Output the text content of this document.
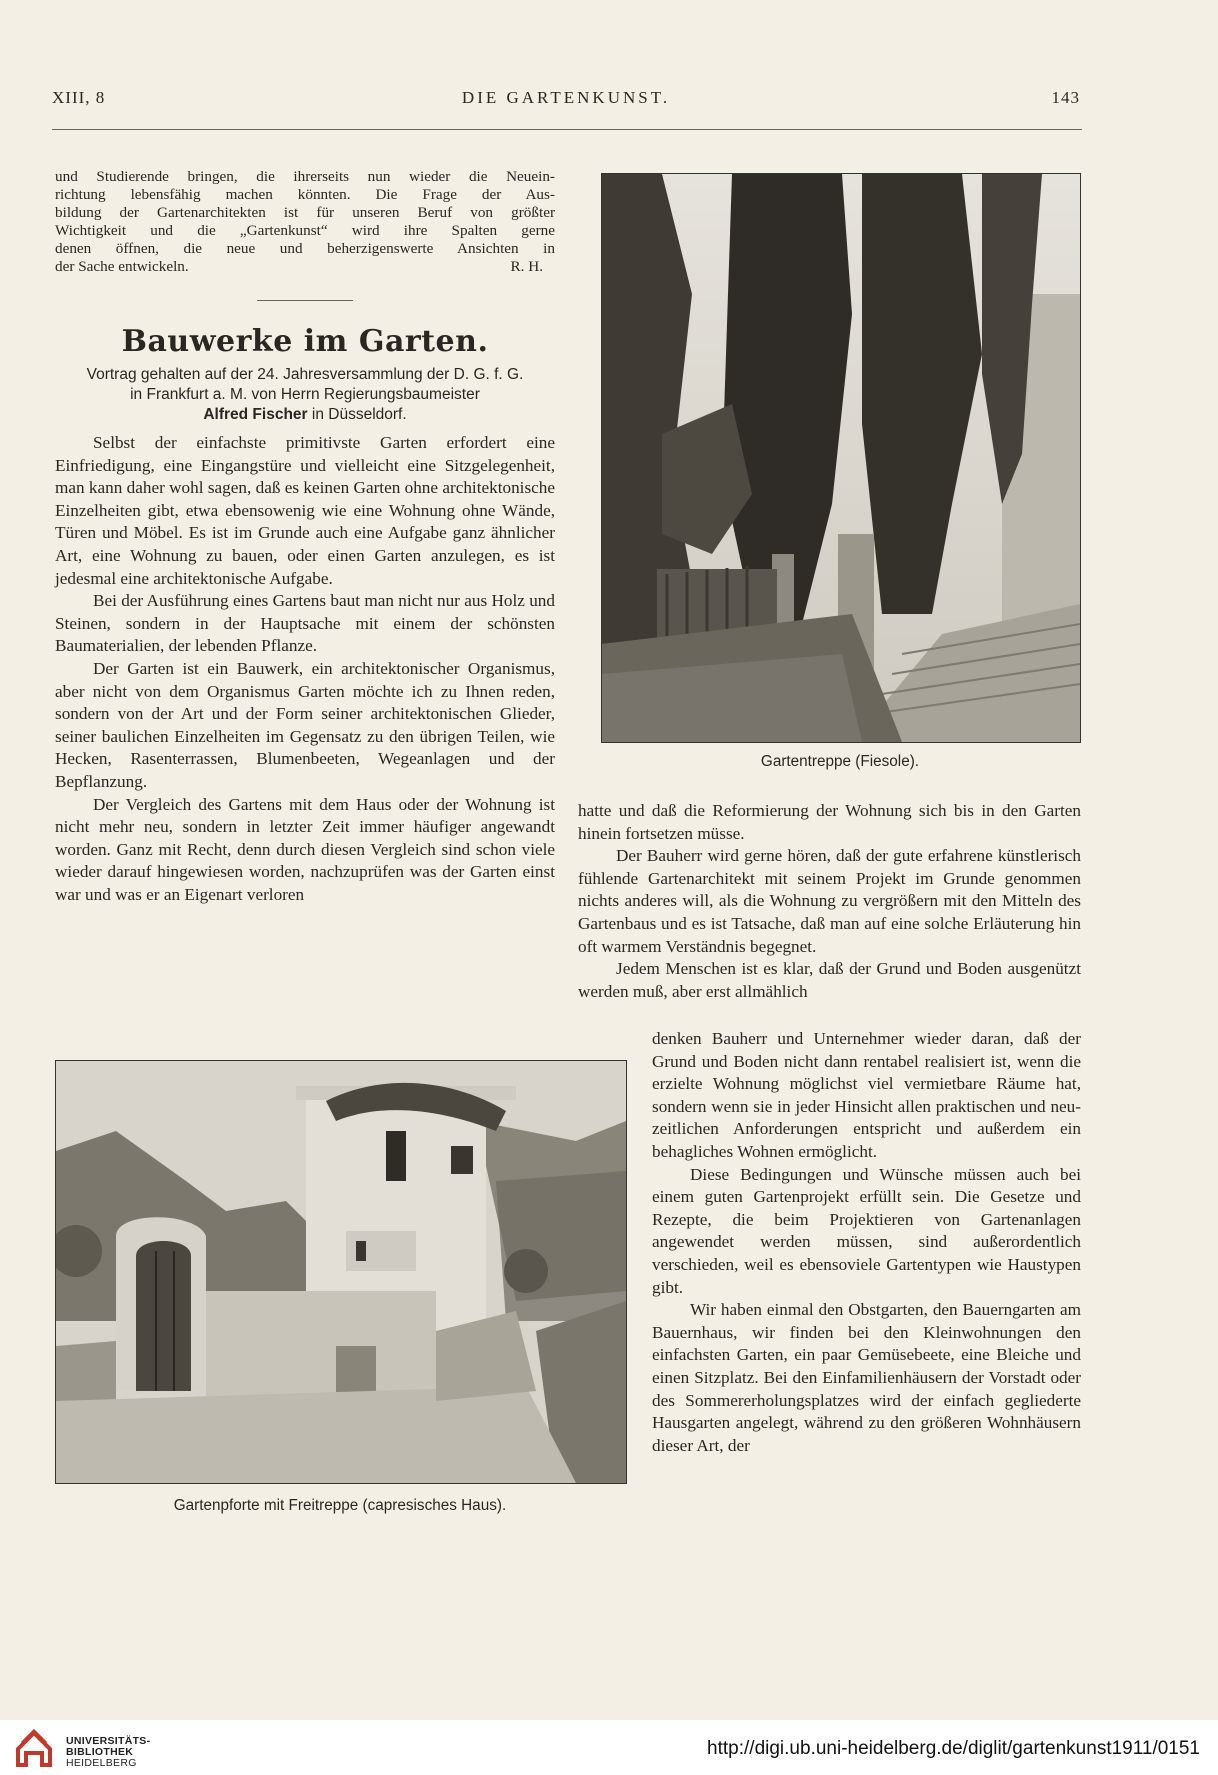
XIII, 8	DIE GARTENKUNST.	143
und Studierende bringen, die ihrerseits nun wieder die Neuein-
richtung lebensfähig machen könnten. Die Frage der Aus-
bildung der Gartenarchitekten ist für unseren Beruf von größter
Wichtigkeit und die „Gartenkunst“ wird ihre Spalten gerne
denen öffnen, die neue und beherzigenswerte Ansichten in
der Sache entwickeln.	R. H.
Bauwerke im Garten.
Vortrag gehalten auf der 24. Jahresversammlung der D. G. f. G.
in Frankfurt a. M. von Herrn Regierungsbaumeister
Alfred Fischer in Düsseldorf.

Selbst der einfachste primitivste Garten erfordert eine Einfriedigung, eine Eingangstüre und vielleicht eine Sitzgelegenheit, man kann daher wohl sagen, daß es keinen Garten ohne architektonische Einzelheiten gibt, etwa ebensowenig wie eine Wohnung ohne Wände, Türen und Möbel. Es ist im Grunde auch eine Aufgabe ganz ähnlicher Art, eine Wohnung zu bauen, oder einen Garten anzulegen, es ist jedesmal eine architektonische Aufgabe.

Bei der Ausführung eines Gartens baut man nicht nur aus Holz und Steinen, sondern in der Hauptsache mit einem der schönsten Baumaterialien, der lebenden Pflanze.

Der Garten ist ein Bauwerk, ein architektonischer Organismus, aber nicht von dem Organismus Garten möchte ich zu Ihnen reden, sondern von der Art und der Form seiner architektonischen Glieder, seiner baulichen Einzelheiten im Gegensatz zu den übrigen Teilen, wie Hecken, Rasenterrassen, Blumenbeeten, Wegeanlagen und der Bepflanzung.

Der Vergleich des Gartens mit dem Haus oder der Wohnung ist nicht mehr neu, sondern in letzter Zeit immer häufiger angewandt worden. Ganz mit Recht, denn durch diesen Vergleich sind schon viele wieder darauf hingewiesen worden, nachzuprüfen was der Garten einst war und was er an Eigenart verloren

Gartentreppe (Fiesole).

hatte und daß die Reformierung der Wohnung sich bis in den Garten hinein fortsetzen müsse.

Der Bauherr wird gerne hören, daß der gute erfahrene künstlerisch fühlende Gartenarchitekt mit seinem Projekt im Grunde genommen nichts anderes will, als die Wohnung zu vergrößern mit den Mitteln des Gartenbaus und es ist Tatsache, daß man auf eine solche Erläuterung hin oft warmem Verständnis begegnet.

Jedem Menschen ist es klar, daß der Grund und Boden ausgenützt werden muß, aber erst allmählich

denken Bauherr und Unternehmer wieder daran, daß der Grund und Boden nicht dann rentabel realisiert ist, wenn die erzielte Wohnung möglichst viel vermietbare Räume hat, sondern wenn sie in jeder Hinsicht allen praktischen und neuzeitlichen Anforderungen entspricht und außerdem ein behagliches Wohnen ermöglicht.

Diese Bedingungen und Wünsche müssen auch bei einem guten Gartenprojekt erfüllt sein. Die Gesetze und Rezepte, die beim Projektieren von Gartenanlagen angewendet werden müssen, sind außerordentlich verschieden, weil es ebensoviele Gartentypen wie Haustypen gibt.

Wir haben einmal den Obstgarten, den Bauerngarten am Bauernhaus, wir finden bei den Kleinwohnungen den einfachsten Garten, ein paar Gemüsebeete, eine Bleiche und einen Sitzplatz. Bei den Einfamilienhäusern der Vorstadt oder des Sommererholungsplatzes wird der einfach gegliederte Hausgarten angelegt, während zu den größeren Wohnhäusern dieser Art, der

Gartenpforte mit Freitreppe (capresisches Haus).
UNIVERSITÄTS-
BIBLIOTHEK
HEIDELBERG
http://digi.ub.uni-heidelberg.de/diglit/gartenkunst1911/0151
